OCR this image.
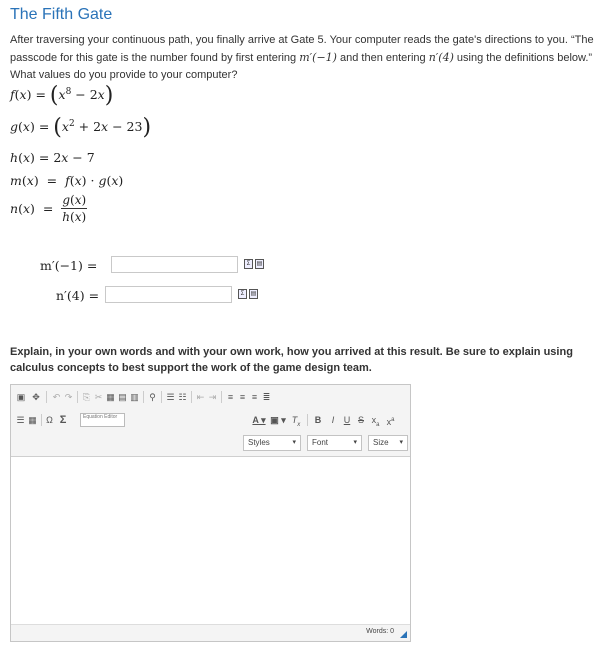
The Fifth Gate
After traversing your continuous path, you finally arrive at Gate 5. Your computer reads the gate's directions to you. “The passcode for this gate is the number found by first entering m′(−1) and then entering n′(4) using the definitions below.” What values do you provide to your computer?
$f(x) = (x^8 - 2x)$
$g(x) = (x^2 + 2x - 23)$
h(x) = 2x − 7
m(x)  =  f(x) · g(x)
$n(x) = \frac{g(x)}{h(x)}$
m′(−1) =	Σ	▤
n′(4) =	Σ	▤
Explain, in your own words and with your own work, how you arrived at this result. Be sure to explain using calculus concepts to best support the work of the game design team.
▣ ✥ ↶ ↷ ⎘ ✂ ▦ ▤ ▥ ⚲ ☰ ☷ ⇤ ⇥	≡ ≡ ≡ ≣
☰ ▦ Ω Σ	Equation Editor	A ▾ ▣ ▾ $T_x$	B	I	U S $x_a$ $x^a$
Styles	▾	Font	▾	Size ▾
Words: 0
